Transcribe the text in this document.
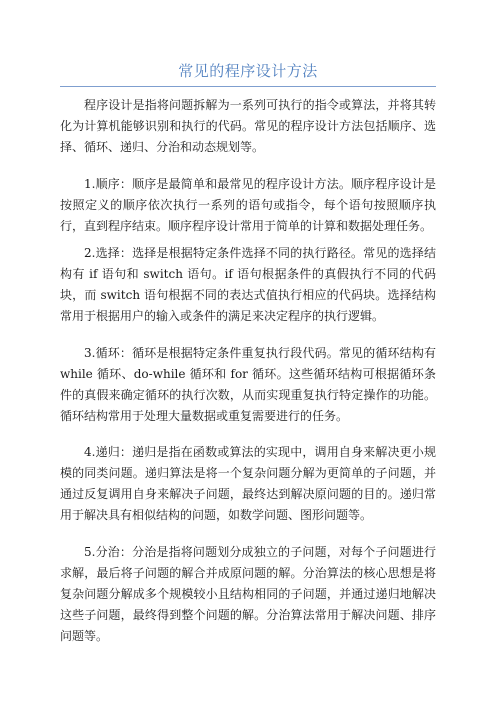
常见的程序设计方法

程序设计是指将问题拆解为一系列可执行的指令或算法，并将其转化为计算机能够识别和执行的代码。常见的程序设计方法包括顺序、选择、循环、递归、分治和动态规划等。

1.顺序：顺序是最简单和最常见的程序设计方法。顺序程序设计是按照定义的顺序依次执行一系列的语句或指令，每个语句按照顺序执行，直到程序结束。顺序程序设计常用于简单的计算和数据处理任务。

2.选择：选择是根据特定条件选择不同的执行路径。常见的选择结构有 if 语句和 switch 语句。if 语句根据条件的真假执行不同的代码块，而 switch 语句根据不同的表达式值执行相应的代码块。选择结构常用于根据用户的输入或条件的满足来决定程序的执行逻辑。

3.循环：循环是根据特定条件重复执行段代码。常见的循环结构有 while 循环、do-while 循环和 for 循环。这些循环结构可根据循环条件的真假来确定循环的执行次数，从而实现重复执行特定操作的功能。循环结构常用于处理大量数据或重复需要进行的任务。

4.递归：递归是指在函数或算法的实现中，调用自身来解决更小规模的同类问题。递归算法是将一个复杂问题分解为更简单的子问题，并通过反复调用自身来解决子问题，最终达到解决原问题的目的。递归常用于解决具有相似结构的问题，如数学问题、图形问题等。

5.分治：分治是指将问题划分成独立的子问题，对每个子问题进行求解，最后将子问题的解合并成原问题的解。分治算法的核心思想是将复杂问题分解成多个规模较小且结构相同的子问题，并通过递归地解决这些子问题，最终得到整个问题的解。分治算法常用于解决问题、排序问题等。
